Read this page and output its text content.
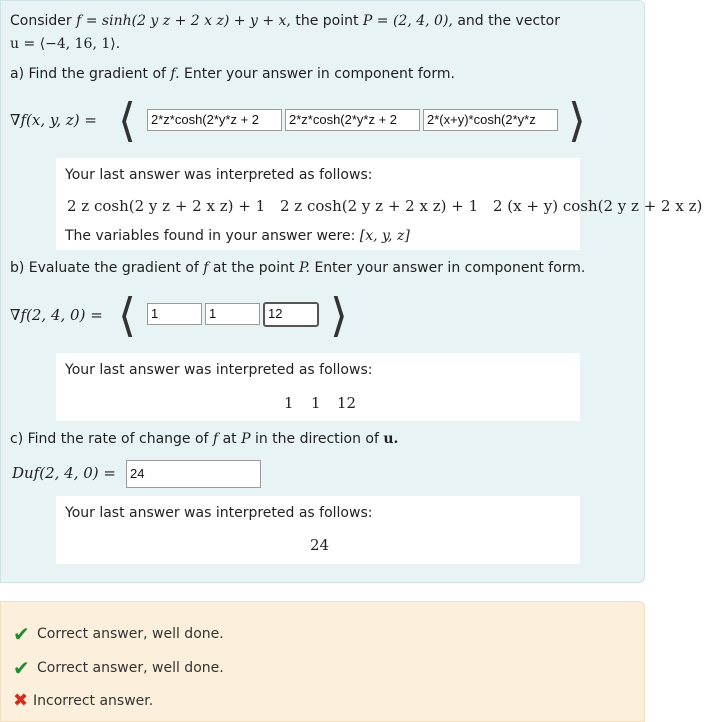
Consider f = sinh(2 y z + 2 x z) + y + x, the point P = (2, 4, 0), and the vector
u = ⟨−4, 16, 1⟩.
a) Find the gradient of f. Enter your answer in component form.
∇f(x, y, z) = ⟨	2*z*cosh(2*y*z + 2	2*z*cosh(2*y*z + 2	2*(x+y)*cosh(2*y*z ⟩
Your last answer was interpreted as follows:
2 z cosh(2 y z + 2 x z) + 1 2 z cosh(2 y z + 2 x z) + 1 2 (x + y) cosh(2 y z + 2 x z)
The variables found in your answer were: [x, y, z]
b) Evaluate the gradient of f at the point P. Enter your answer in component form.
∇f(2, 4, 0) = ⟨	1	1	12	⟩
Your last answer was interpreted as follows:
1 1 12
c) Find the rate of change of f at P in the direction of u.
Duf(2, 4, 0) =	24
Your last answer was interpreted as follows:
24
✔ Correct answer, well done.
✔ Correct answer, well done.
✖ Incorrect answer.
